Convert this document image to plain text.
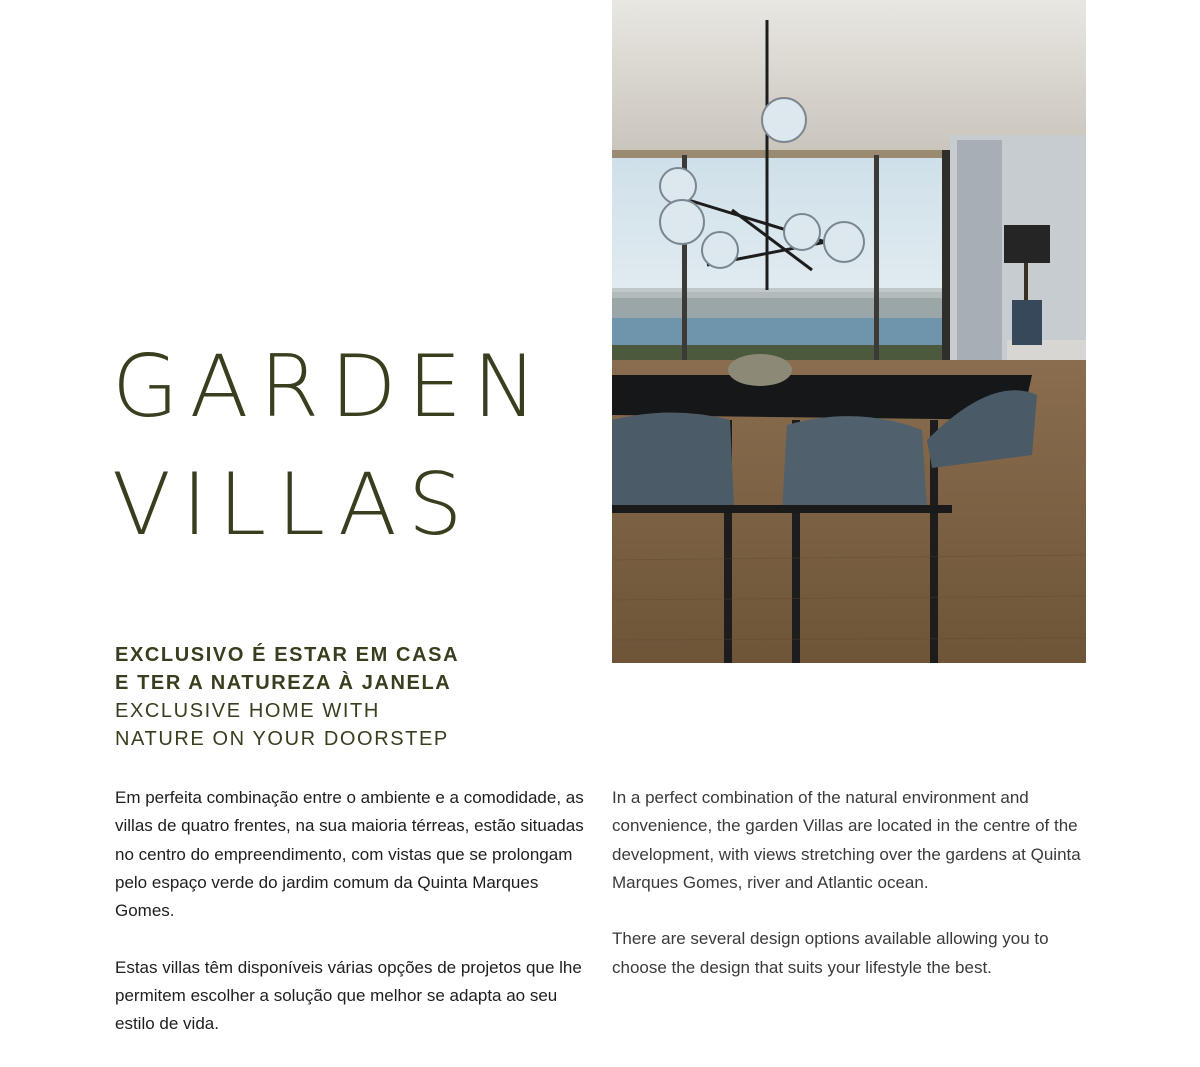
GARDEN
VILLAS
EXCLUSIVO É ESTAR EM CASA
E TER A NATUREZA À JANELA
EXCLUSIVE HOME WITH
NATURE ON YOUR DOORSTEP

Em perfeita combinação entre o ambiente e a comodidade, as villas de quatro frentes, na sua maioria térreas, estão situadas no centro do empreendimento, com vistas que se prolongam pelo espaço verde do jardim comum da Quinta Marques Gomes.

Estas villas têm disponíveis várias opções de projetos que lhe permitem escolher a solução que melhor se adapta ao seu estilo de vida.

In a perfect combination of the natural environment and convenience, the garden Villas are located in the centre of the development, with views stretching over the gardens at Quinta Marques Gomes, river and Atlantic ocean.

There are several design options available allowing you to choose the design that suits your lifestyle the best.
